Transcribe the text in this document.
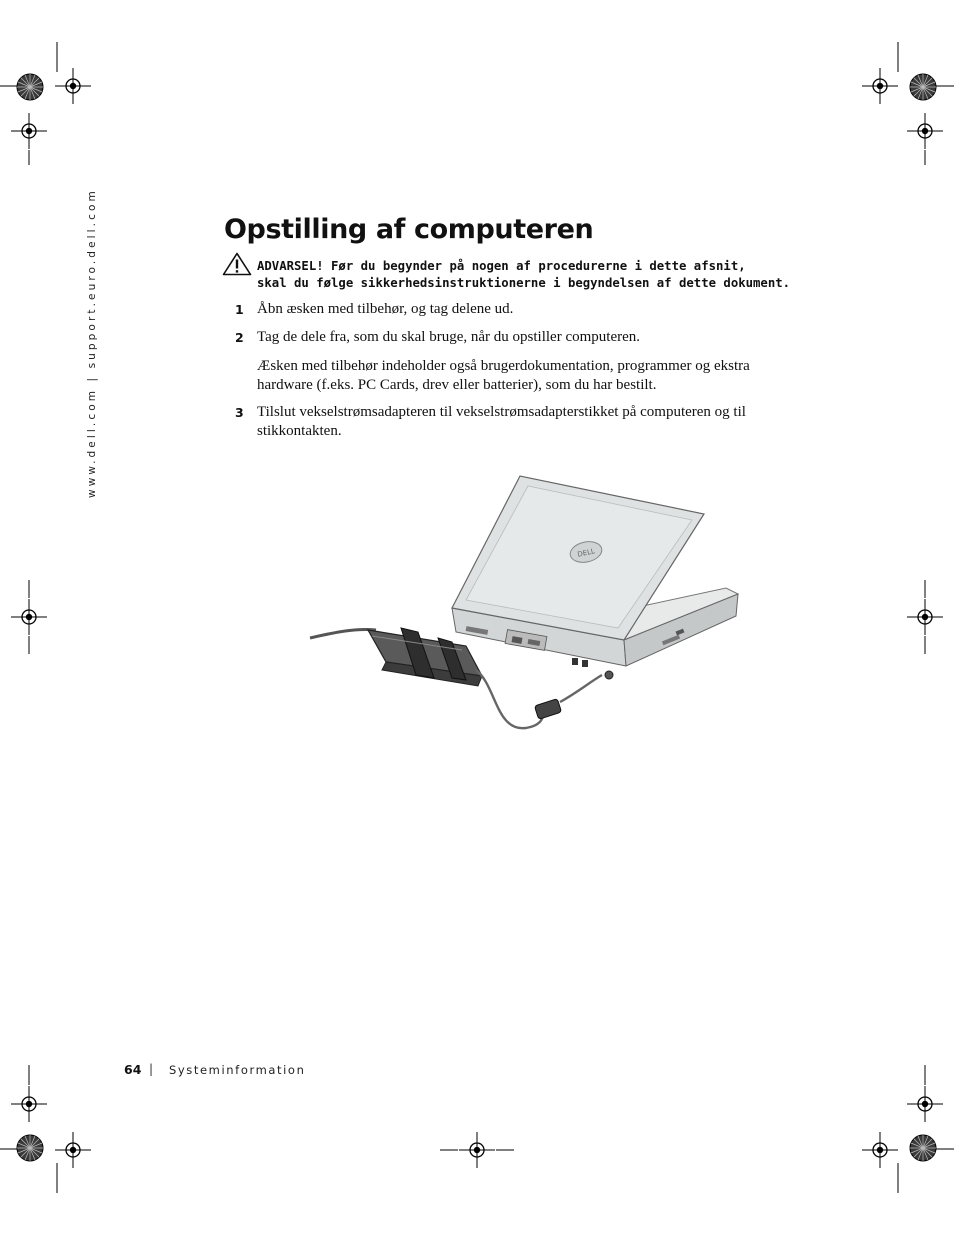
www.dell.com | support.euro.dell.com	Opstilling af computeren
ADVARSEL! Før du begynder på nogen af procedurerne i dette afsnit,
skal du følge sikkerhedsinstruktionerne i begyndelsen af dette dokument.
1 Åbn æsken med tilbehør, og tag delene ud.
2 Tag de dele fra, som du skal bruge, når du opstiller computeren.
Æsken med tilbehør indeholder også brugerdokumentation, programmer og ekstra hardware (f.eks. PC Cards, drev eller batterier), som du har bestilt.
3 Tilslut vekselstrømsadapteren til vekselstrømsadapterstikket på computeren og til stikkontakten.
DELL
64 | Systeminformation
